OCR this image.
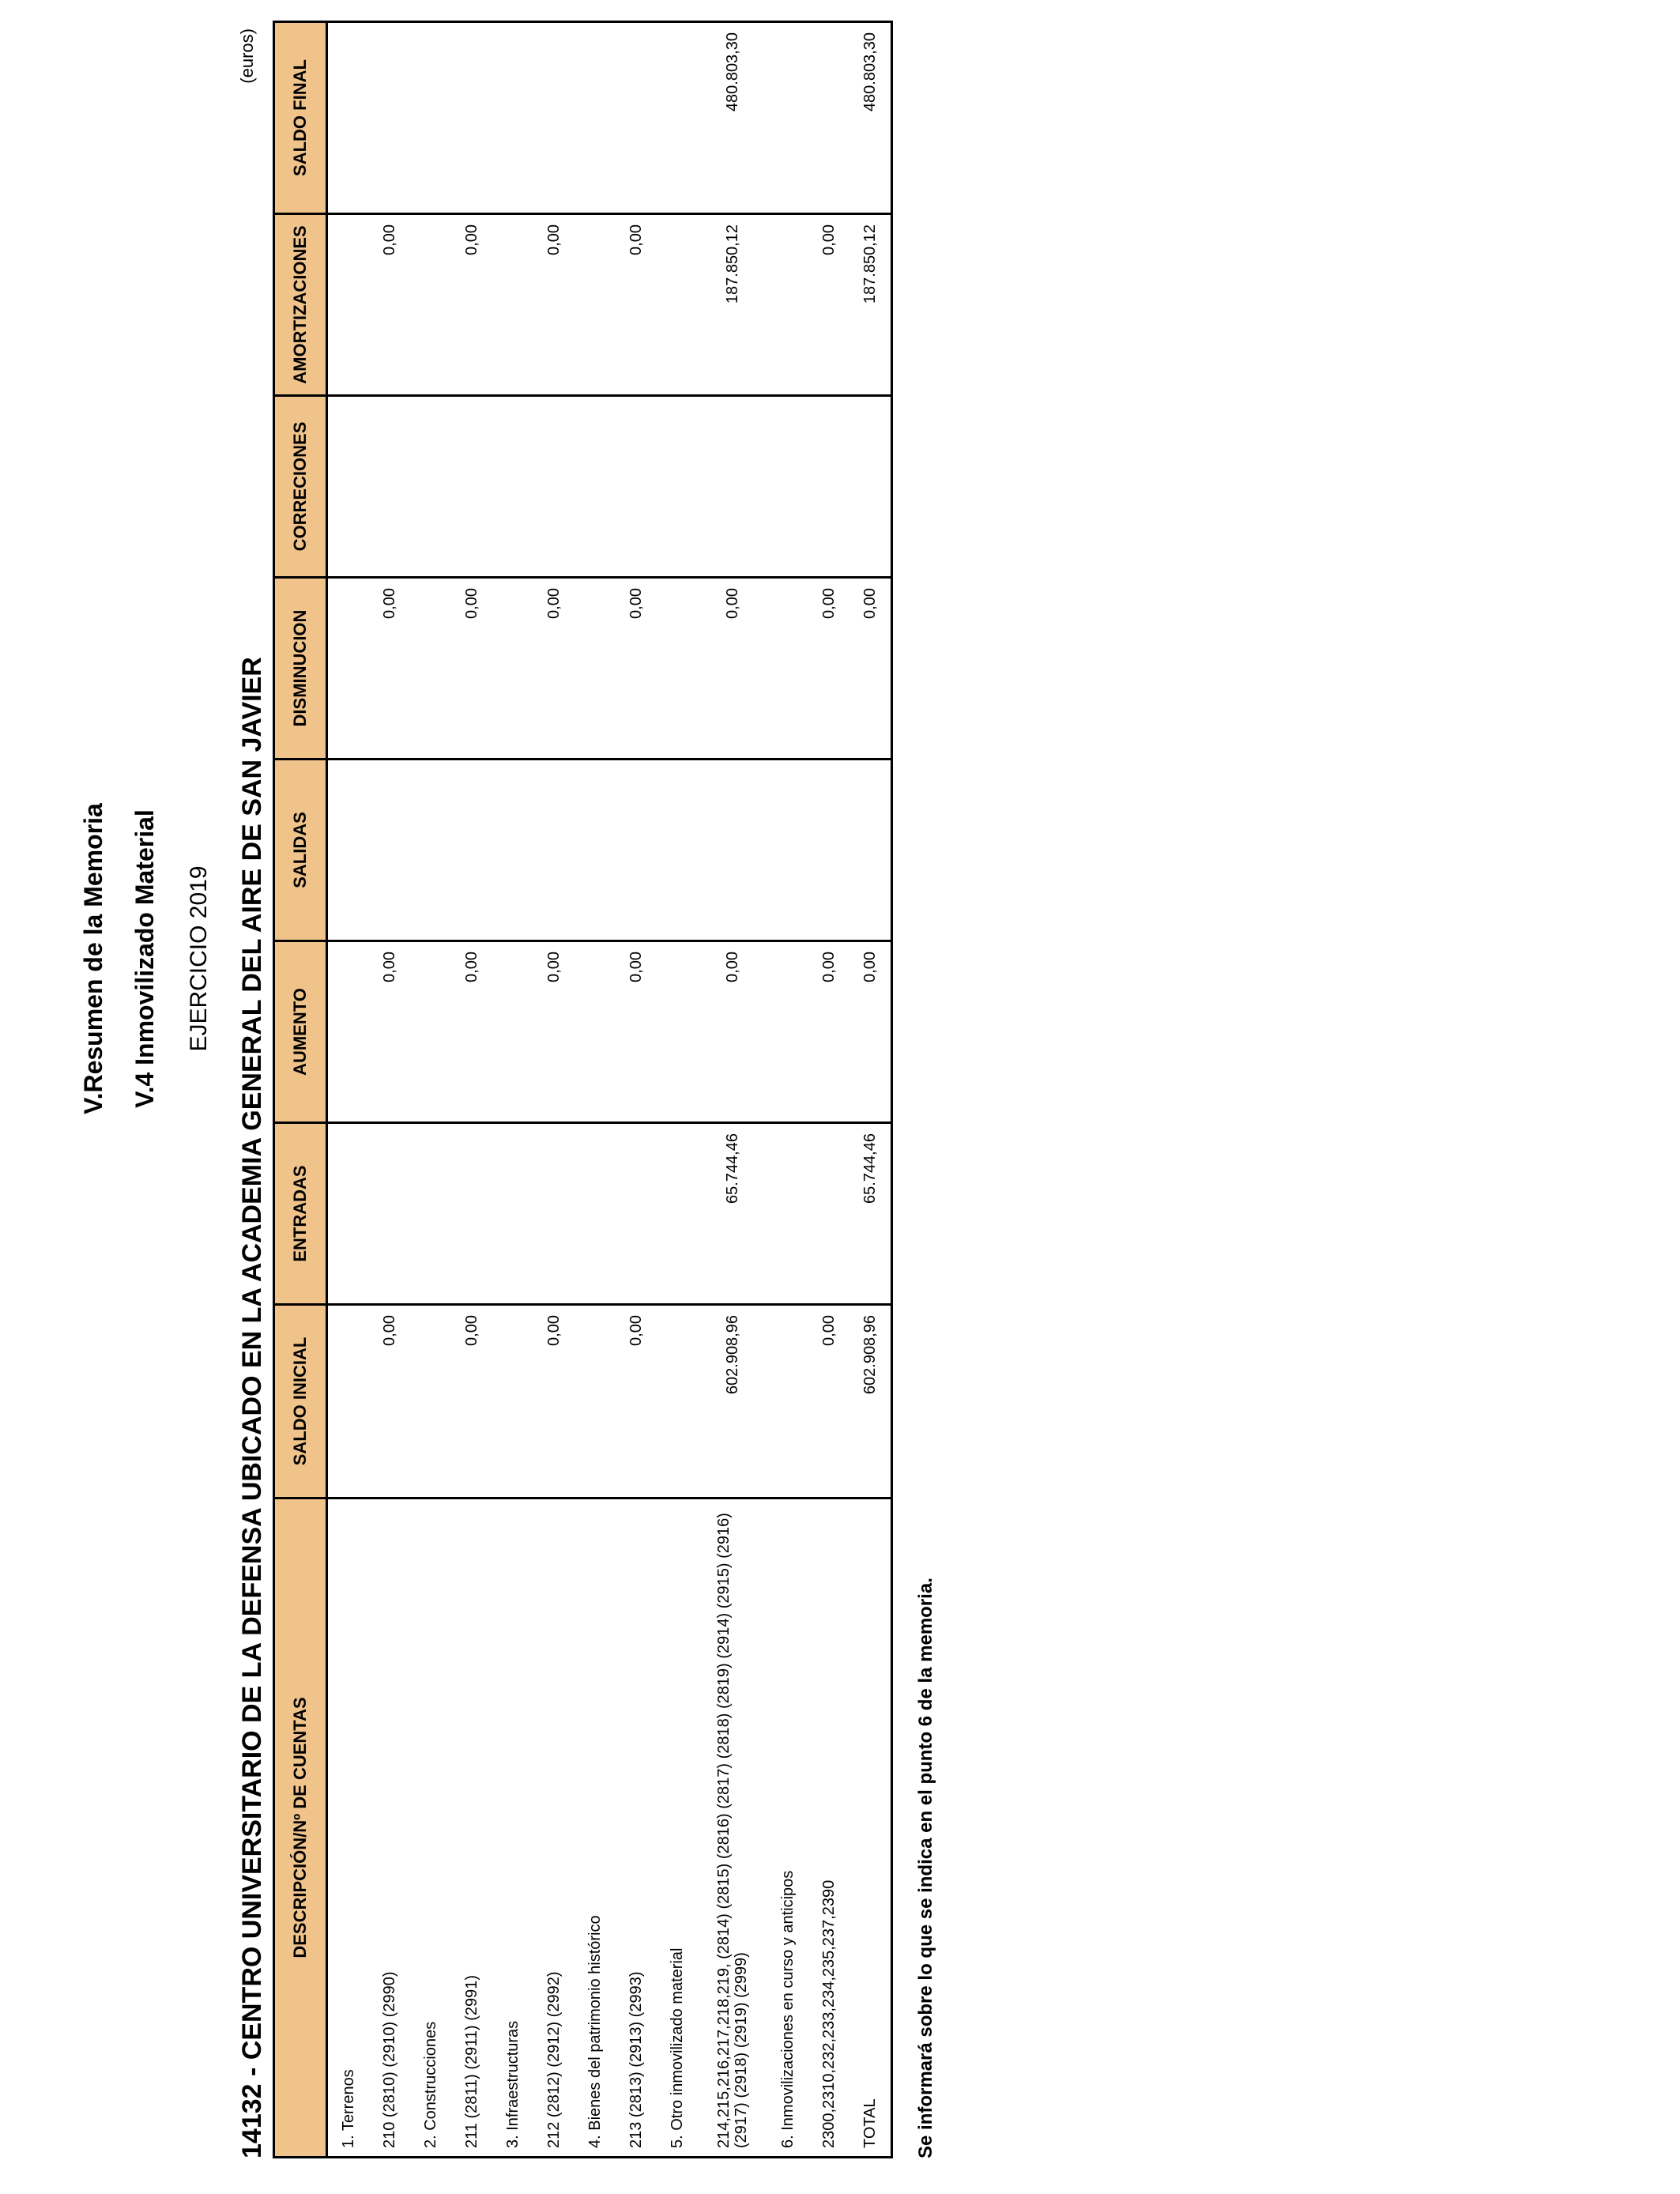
V.Resumen de la Memoria V.4 Inmovilizado Material EJERCICIO 2019 14132 - CENTRO UNIVERSITARIO DE LA DEFENSA UBICADO EN LA ACADEMIA GENERAL DEL AIRE DE SAN JAVIER
(euros)
DESCRIPCIÓN/Nº DE CUENTAS	SALDO INICIAL	ENTRADAS	AUMENTO	SALIDAS	DISMINUCION	CORRECIONES	AMORTIZACIONES	SALDO FINAL
1. Terrenos								
210 (2810) (2910) (2990)	0,00		0,00		0,00		0,00	
2. Construcciones								
211 (2811) (2911) (2991)	0,00		0,00		0,00		0,00	
3. Infraestructuras								
212 (2812) (2912) (2992)	0,00		0,00		0,00		0,00	
4. Bienes del patrimonio histórico								
213 (2813) (2913) (2993)	0,00		0,00		0,00		0,00	
5. Otro inmovilizado material								
214,215,216,217,218,219, (2814) (2815) (2816) (2817) (2818) (2819) (2914) (2915) (2916) (2917) (2918) (2919) (2999)	602.908,96	65.744,46	0,00		0,00		187.850,12	480.803,30
6. Inmovilizaciones en curso y anticipos								
2300,2310,232,233,234,235,237,2390	0,00		0,00		0,00		0,00	
TOTAL	602.908,96	65.744,46	0,00		0,00		187.850,12	480.803,30
Se informará sobre lo que se indica en el punto 6 de la memoria.
